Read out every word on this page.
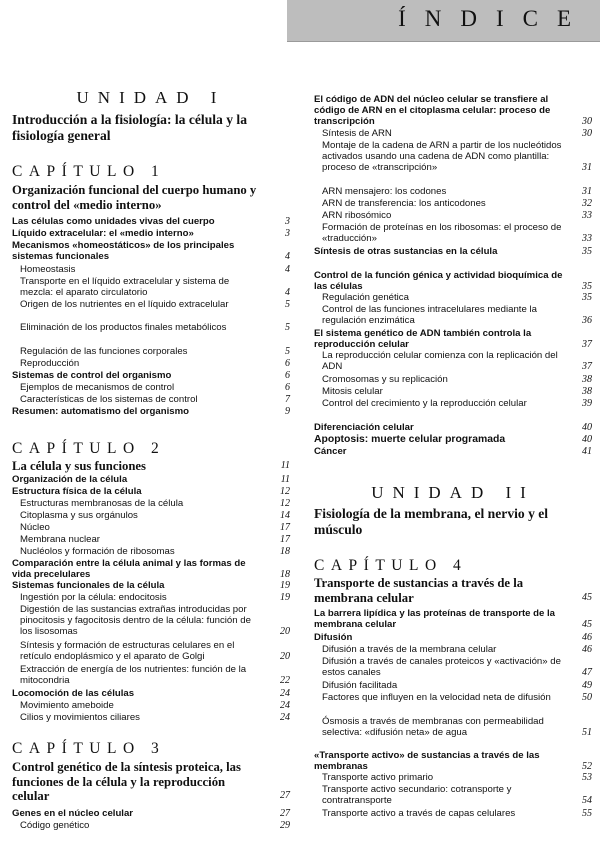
ÍNDICE
UNIDAD I
Introducción a la fisiología: la célula y la fisiología general
CAPÍTULO 1
Organización funcional del cuerpo humano y control del «medio interno»
Las células como unidades vivas del cuerpo	3
Líquido extracelular: el «medio interno»	3
Mecanismos «homeostáticos» de los principales sistemas funcionales	4
Homeostasis	4
Transporte en el líquido extracelular y sistema de mezcla: el aparato circulatorio	4
Origen de los nutrientes en el líquido extracelular	5
Eliminación de los productos finales metabólicos	5
Regulación de las funciones corporales	5
Reproducción	6
Sistemas de control del organismo	6
Ejemplos de mecanismos de control	6
Características de los sistemas de control	7
Resumen: automatismo del organismo	9
CAPÍTULO 2
La célula y sus funciones	11
Organización de la célula	11
Estructura física de la célula	12
Estructuras membranosas de la célula	12
Citoplasma y sus orgánulos	14
Núcleo	17
Membrana nuclear	17
Nucléolos y formación de ribosomas	18
Comparación entre la célula animal y las formas de vida precelulares	18
Sistemas funcionales de la célula	19
Ingestión por la célula: endocitosis	19
Digestión de las sustancias extrañas introducidas por pinocitosis y fagocitosis dentro de la célula: función de los lisosomas	20
Síntesis y formación de estructuras celulares en el retículo endoplásmico y el aparato de Golgi	20
Extracción de energía de los nutrientes: función de la mitocondria	22
Locomoción de las células	24
Movimiento ameboide	24
Cilios y movimientos ciliares	24
CAPÍTULO 3
Control genético de la síntesis proteica, las funciones de la célula y la reproducción celular	27
Genes en el núcleo celular	27
Código genético	29
El código de ADN del núcleo celular se transfiere al código de ARN en el citoplasma celular: proceso de transcripción	30
Síntesis de ARN	30
Montaje de la cadena de ARN a partir de los nucleótidos activados usando una cadena de ADN como plantilla: proceso de «transcripción»	31
ARN mensajero: los codones	31
ARN de transferencia: los anticodones	32
ARN ribosómico	33
Formación de proteínas en los ribosomas: el proceso de «traducción»	33
Síntesis de otras sustancias en la célula	35
Control de la función génica y actividad bioquímica de las células	35
Regulación genética	35
Control de las funciones intracelulares mediante la regulación enzimática	36
El sistema genético de ADN también controla la reproducción celular	37
La reproducción celular comienza con la replicación del ADN	37
Cromosomas y su replicación	38
Mitosis celular	38
Control del crecimiento y la reproducción celular	39
Diferenciación celular	40
Apoptosis: muerte celular programada	40
Cáncer	41
UNIDAD II
Fisiología de la membrana, el nervio y el músculo
CAPÍTULO 4
Transporte de sustancias a través de la membrana celular	45
La barrera lipídica y las proteínas de transporte de la membrana celular	45
Difusión	46
Difusión a través de la membrana celular	46
Difusión a través de canales proteicos y «activación» de estos canales	47
Difusión facilitada	49
Factores que influyen en la velocidad neta de difusión	50
Ósmosis a través de membranas con permeabilidad selectiva: «difusión neta» de agua	51
«Transporte activo» de sustancias a través de las membranas	52
Transporte activo primario	53
Transporte activo secundario: cotransporte y contratransporte	54
Transporte activo a través de capas celulares	55
